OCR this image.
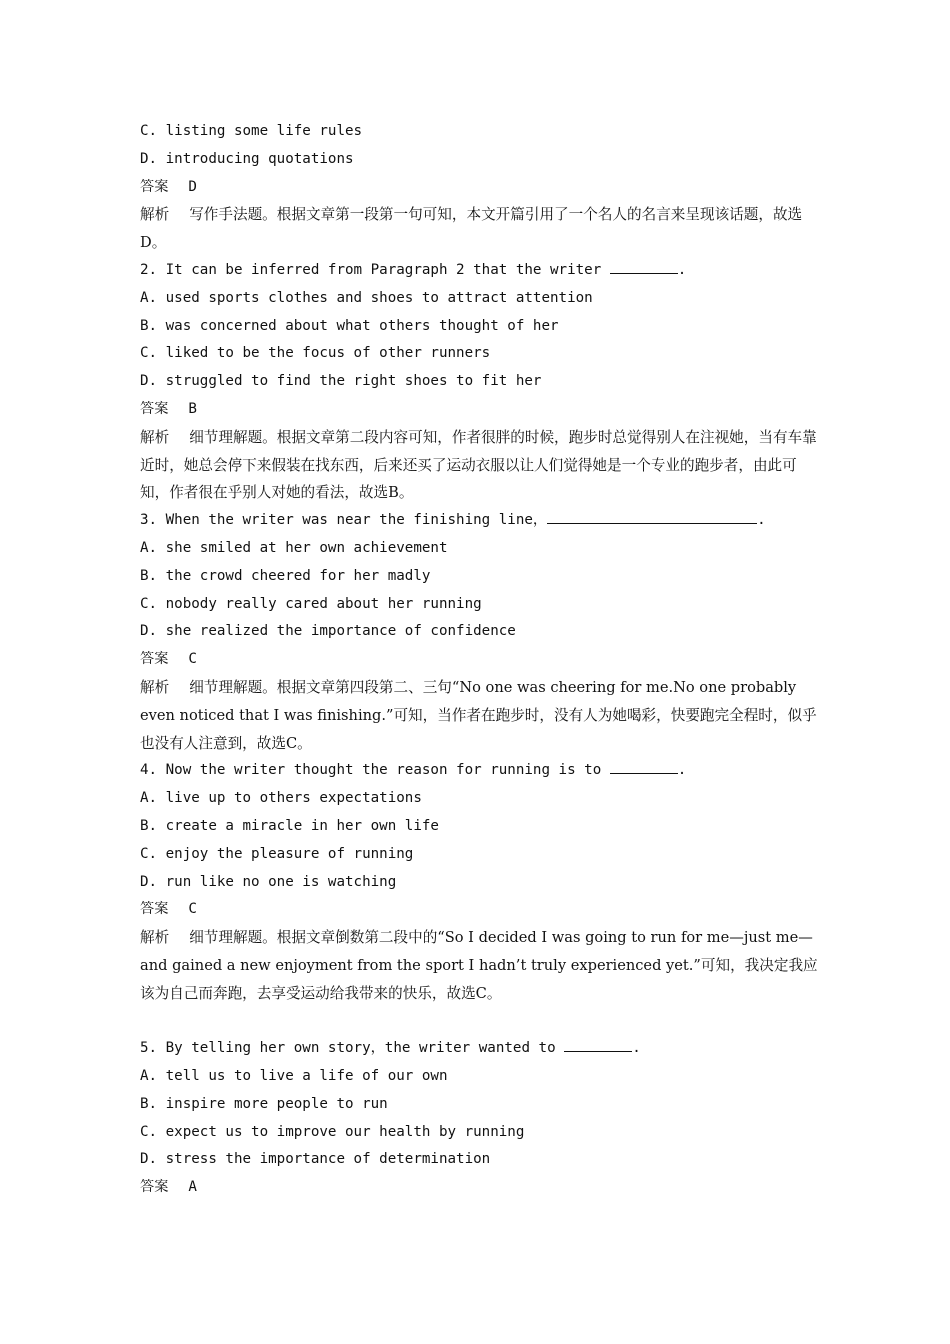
C. listing some life rules
D. introducing quotations
答案 D
解析 写作手法题。根据文章第一段第一句可知，本文开篇引用了一个名人的名言来呈现该话题，故选D。
2. It can be inferred from Paragraph 2 that the writer	.
A. used sports clothes and shoes to attract attention
B. was concerned about what others thought of her
C. liked to be the focus of other runners
D. struggled to find the right shoes to fit her
答案 B
解析 细节理解题。根据文章第二段内容可知，作者很胖的时候，跑步时总觉得别人在注视她，当有车靠近时，她总会停下来假装在找东西，后来还买了运动衣服以让人们觉得她是一个专业的跑步者，由此可知，作者很在乎别人对她的看法，故选B。
3. When the writer was near the finishing line，	.
A. she smiled at her own achievement
B. the crowd cheered for her madly
C. nobody really cared about her running
D. she realized the importance of confidence
答案 C
解析 细节理解题。根据文章第四段第二、三句“No one was cheering for me.No one probably even noticed that I was finishing.”可知，当作者在跑步时，没有人为她喝彩，快要跑完全程时，似乎也没有人注意到，故选C。
4. Now the writer thought the reason for running is to	.
A. live up to others expectations
B. create a miracle in her own life
C. enjoy the pleasure of running
D. run like no one is watching
答案 C
解析 细节理解题。根据文章倒数第二段中的“So I decided I was going to run for me—just me—and gained a new enjoyment from the sport I hadn’t truly experienced yet.”可知，我决定我应该为自己而奔跑，去享受运动给我带来的快乐，故选C。
5. By telling her own story，the writer wanted to	.
A. tell us to live a life of our own
B. inspire more people to run
C. expect us to improve our health by running
D. stress the importance of determination
答案 A
